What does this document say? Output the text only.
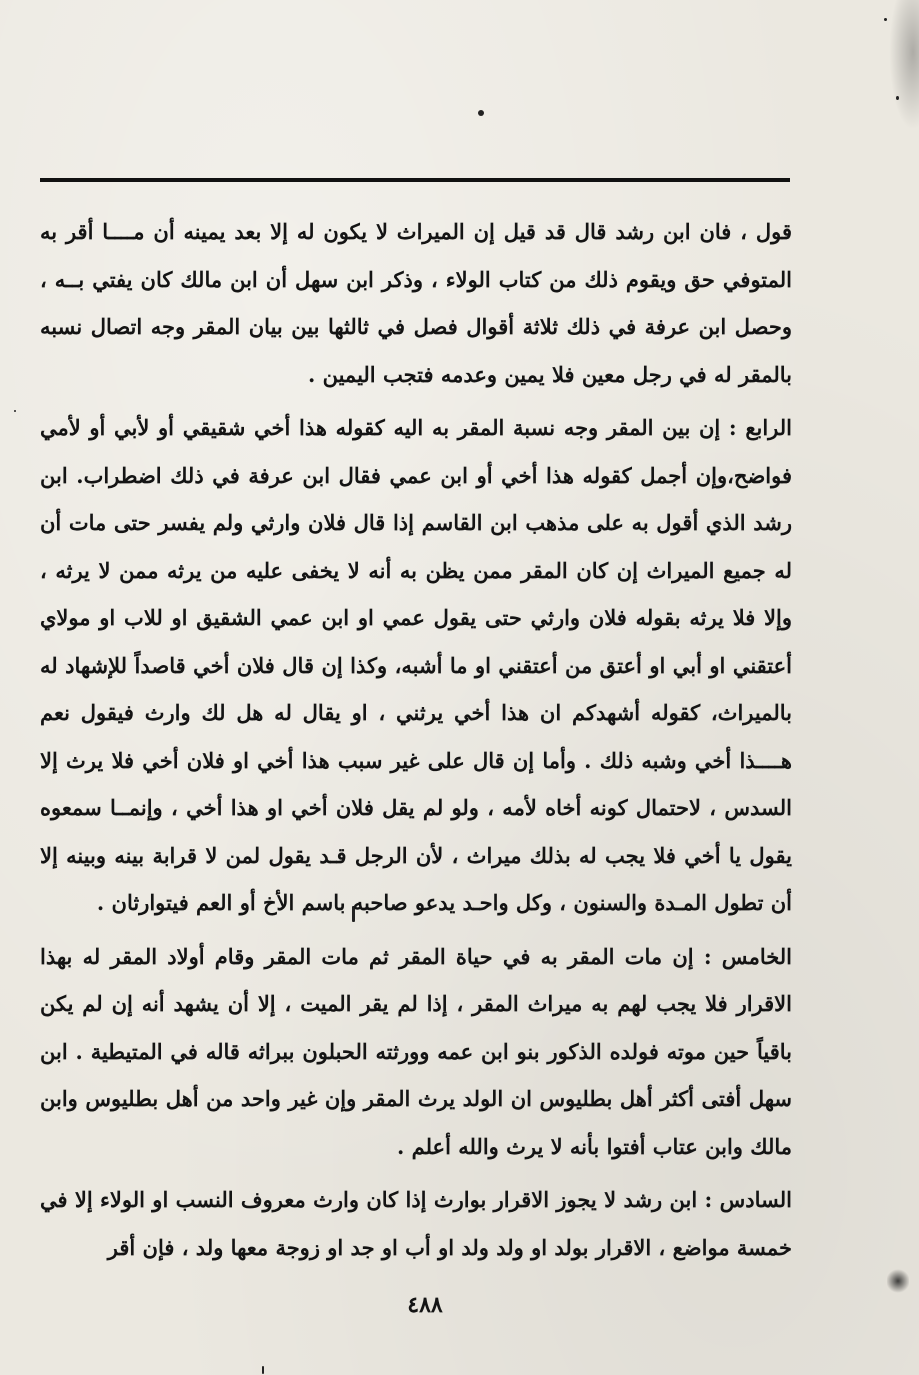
قول ، فان ابن رشد قال قد قيل إن الميراث لا يكون له إلا بعد يمينه أن مــــا أقر به المتوفي حق ويقوم ذلك من كتاب الولاء ، وذكر ابن سهل أن ابن مالك كان يفتي بــه ، وحصل ابن عرفة في ذلك ثلاثة أقوال فصل في ثالثها بين بيان المقر وجه اتصال نسبه بالمقر له في رجل معين فلا يمين وعدمه فتجب اليمين .

الرابع : إن بين المقر وجه نسبة المقر به اليه كقوله هذا أخي شقيقي أو لأبي أو لأمي فواضح،وإن أجمل كقوله هذا أخي أو ابن عمي فقال ابن عرفة في ذلك اضطراب. ابن رشد الذي أقول به على مذهب ابن القاسم إذا قال فلان وارثي ولم يفسر حتى مات أن له جميع الميراث إن كان المقر ممن يظن به أنه لا يخفى عليه من يرثه ممن لا يرثه ، وإلا فلا يرثه بقوله فلان وارثي حتى يقول عمي او ابن عمي الشقيق او للاب او مولاي أعتقني او أبي او أعتق من أعتقني او ما أشبه، وكذا إن قال فلان أخي قاصداً للإشهاد له بالميراث، كقوله أشهدكم ان هذا أخي يرثني ، او يقال له هل لك وارث فيقول نعم هــــذا أخي وشبه ذلك . وأما إن قال على غير سبب هذا أخي او فلان أخي فلا يرث إلا السدس ، لاحتمال كونه أخاه لأمه ، ولو لم يقل فلان أخي او هذا أخي ، وإنمــا سمعوه يقول يا أخي فلا يجب له بذلك ميراث ، لأن الرجل قـد يقول لمن لا قرابة بينه وبينه إلا أن تطول المـدة والسنون ، وكل واحـد يدعو صاحبه باسم الأخ أو العم فيتوارثان .

الخامس : إن مات المقر به في حياة المقر ثم مات المقر وقام أولاد المقر له بهذا الاقرار فلا يجب لهم به ميراث المقر ، إذا لم يقر الميت ، إلا أن يشهد أنه إن لم يكن باقياً حين موته فولده الذكور بنو ابن عمه وورثته الحبلون ببراثه قاله في المتيطية . ابن سهل أفتى أكثر أهل بطليوس ان الولد يرث المقر وإن غير واحد من أهل بطليوس وابن مالك وابن عتاب أفتوا بأنه لا يرث والله أعلم .

السادس : ابن رشد لا يجوز الاقرار بوارث إذا كان وارث معروف النسب او الولاء إلا في خمسة مواضع ، الاقرار بولد او ولد ولد او أب او جد او زوجة معها ولد ، فإن أقر

٤٨٨
